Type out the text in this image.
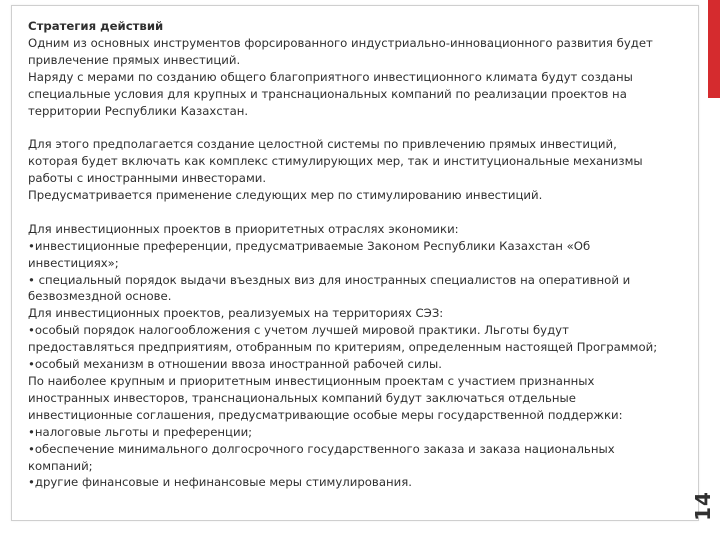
14

Стратегия действий

Одним из основных инструментов форсированного индустриально-инновационного развития будет привлечение прямых инвестиций.

Наряду с мерами по созданию общего благоприятного инвестиционного климата будут созданы специальные условия для крупных и транснациональных компаний по реализации проектов на территории Республики Казахстан.

Для этого предполагается создание целостной системы по привлечению прямых инвестиций, которая будет включать как комплекс стимулирующих мер, так и институциональные механизмы работы с иностранными инвесторами.

Предусматривается применение следующих мер по стимулированию инвестиций.

Для инвестиционных проектов в приоритетных отраслях экономики:

•инвестиционные преференции, предусматриваемые Законом Республики Казахстан «Об инвестициях»;

• специальный порядок выдачи въездных виз для иностранных специалистов на оперативной и безвозмездной основе.

Для инвестиционных проектов, реализуемых на территориях СЭЗ:

•особый порядок налогообложения с учетом лучшей мировой практики. Льготы будут предоставляться предприятиям, отобранным по критериям, определенным настоящей Программой;

•особый механизм в отношении ввоза иностранной рабочей силы.

По наиболее крупным и приоритетным инвестиционным проектам с участием признанных иностранных инвесторов, транснациональных компаний будут заключаться отдельные инвестиционные соглашения, предусматривающие особые меры государственной поддержки:

•налоговые льготы и преференции;

•обеспечение минимального долгосрочного государственного заказа и заказа национальных компаний;

•другие финансовые и нефинансовые меры стимулирования.
